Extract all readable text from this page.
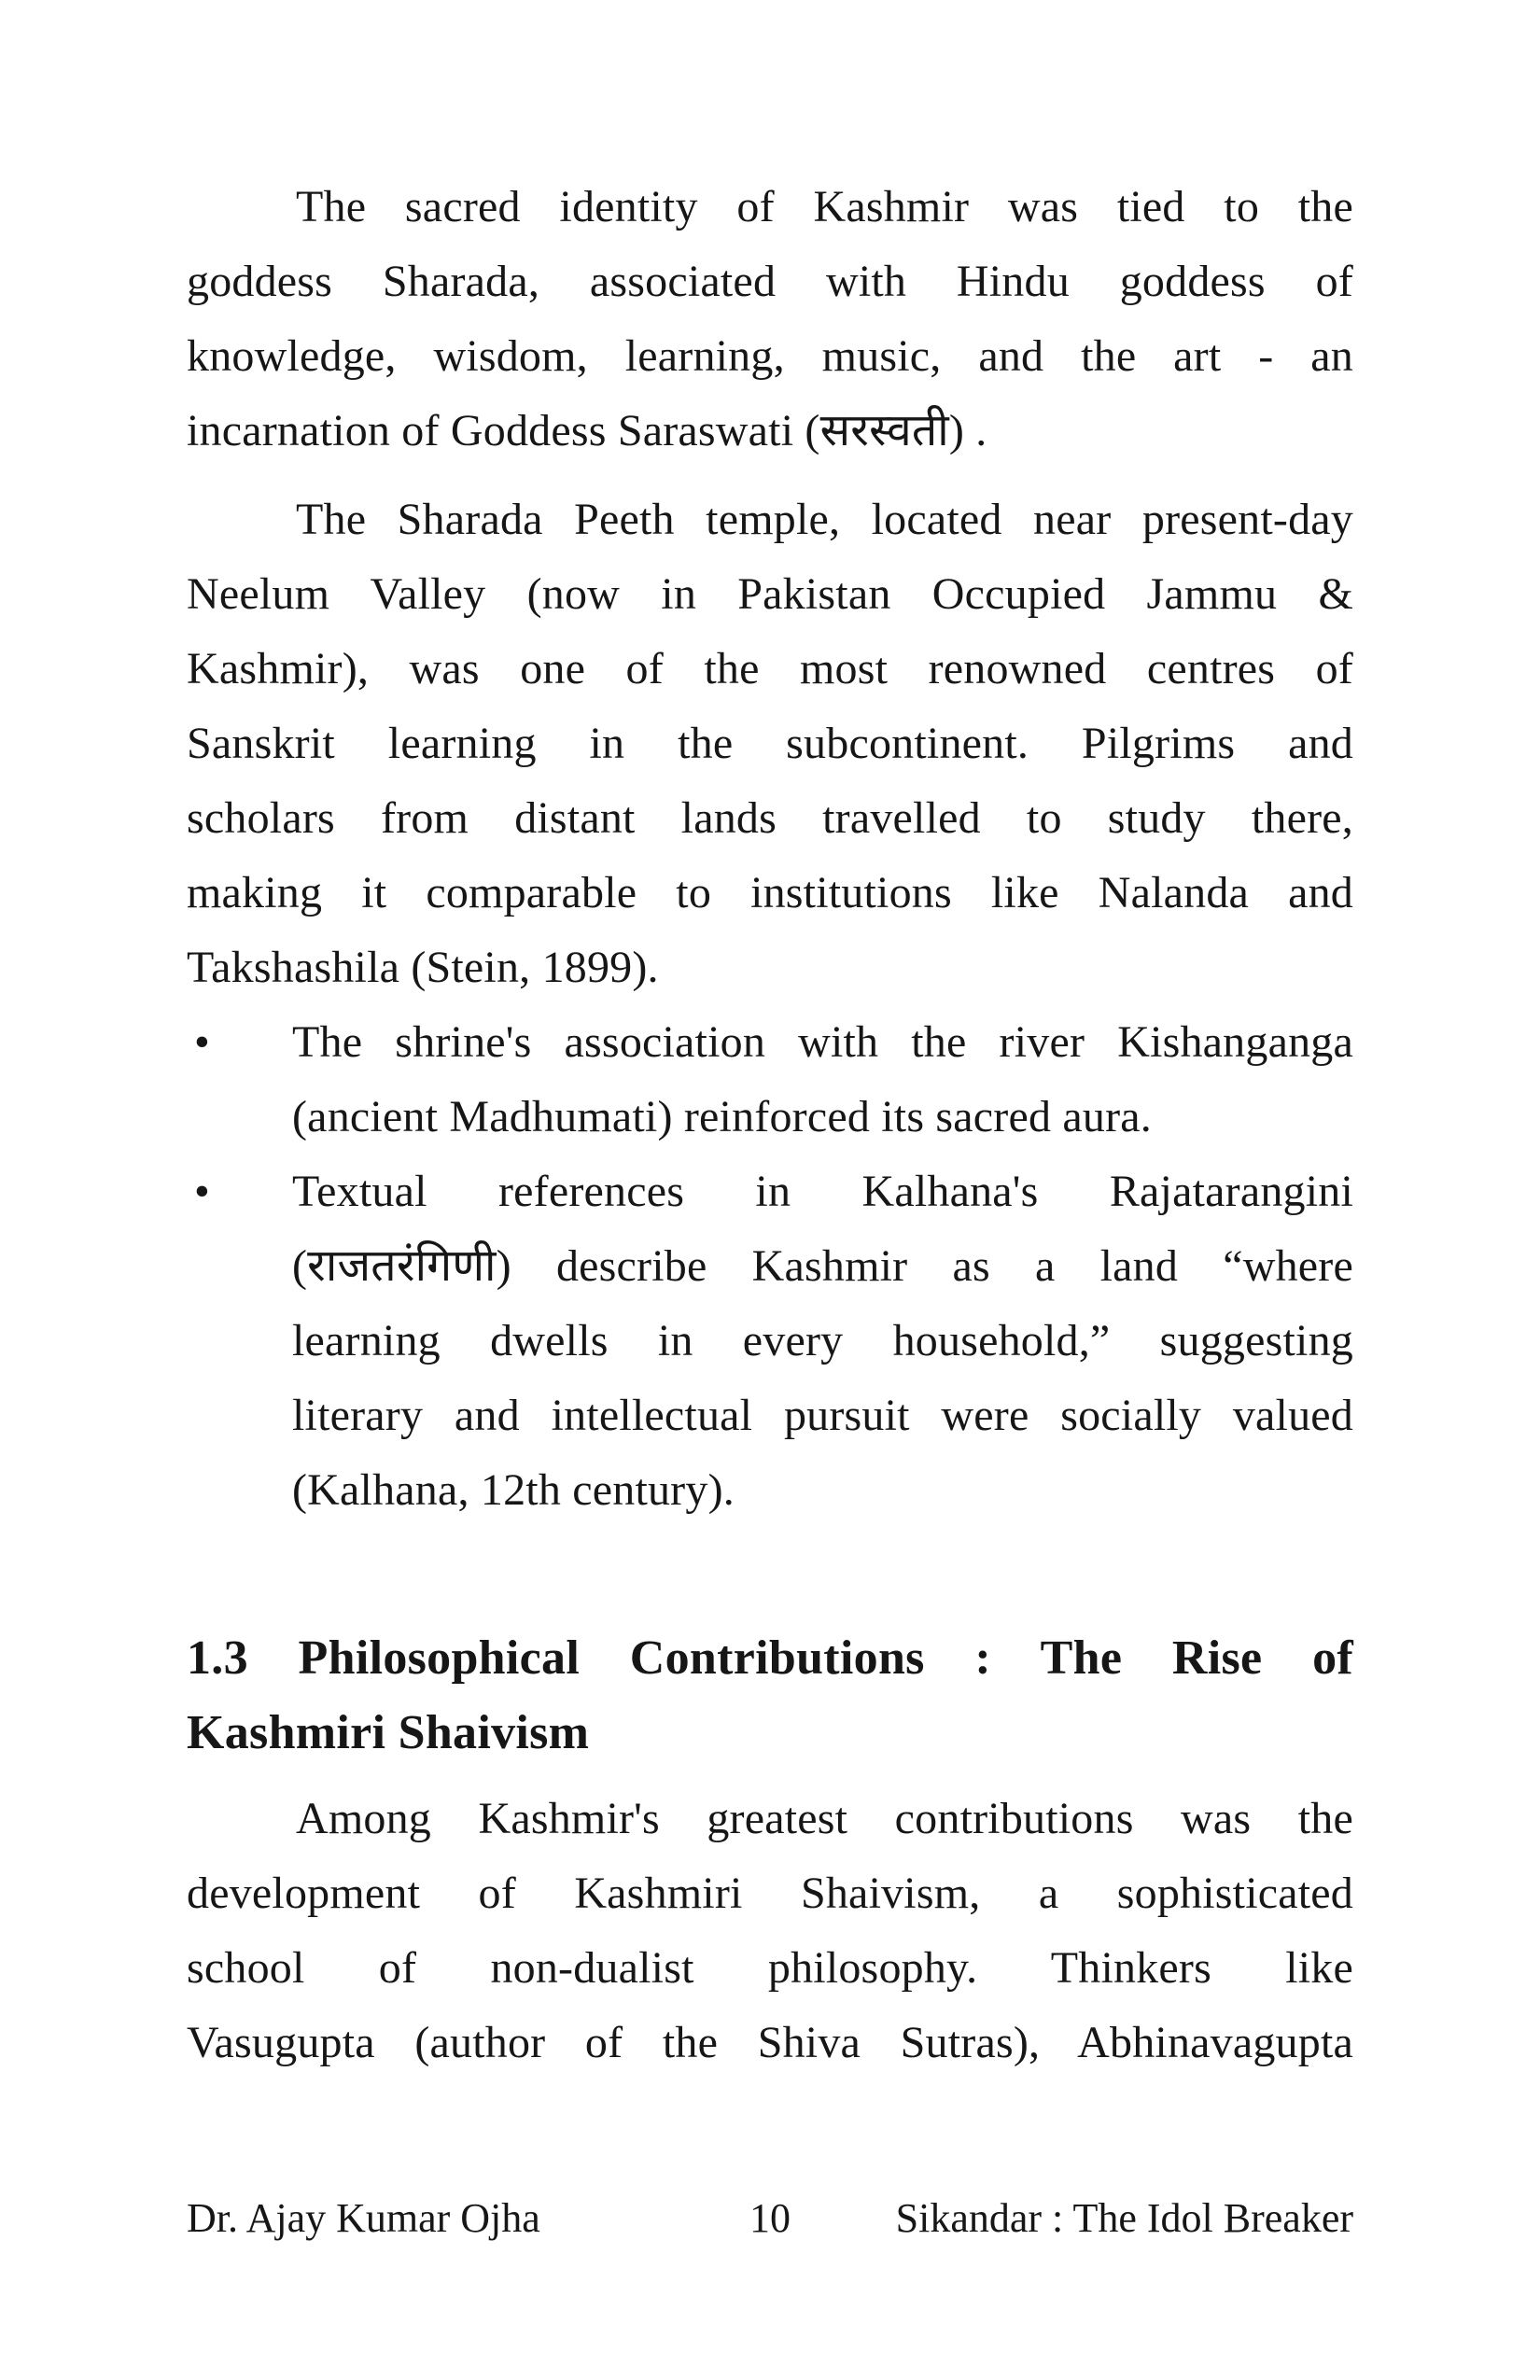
The sacred identity of Kashmir was tied to the
goddess Sharada, associated with Hindu goddess of
knowledge, wisdom, learning, music, and the art - an
incarnation of Goddess Saraswati (सरस्वती) .
The Sharada Peeth temple, located near present-day
Neelum Valley (now in Pakistan Occupied Jammu &
Kashmir), was one of the most renowned centres of
Sanskrit learning in the subcontinent. Pilgrims and
scholars from distant lands travelled to study there,
making it comparable to institutions like Nalanda and
Takshashila (Stein, 1899).
• The shrine's association with the river Kishanganga
(ancient Madhumati) reinforced its sacred aura.
• Textual references in Kalhana's Rajatarangini
(राजतरंगिणी) describe Kashmir as a land “where
learning dwells in every household,” suggesting
literary and intellectual pursuit were socially valued
(Kalhana, 12th century).
1.3 Philosophical Contributions : The Rise of
Kashmiri Shaivism
Among Kashmir's greatest contributions was the
development of Kashmiri Shaivism, a sophisticated
school of non-dualist philosophy. Thinkers like
Vasugupta (author of the Shiva Sutras), Abhinavagupta
Dr. Ajay Kumar Ojha	10	Sikandar : The Idol Breaker
